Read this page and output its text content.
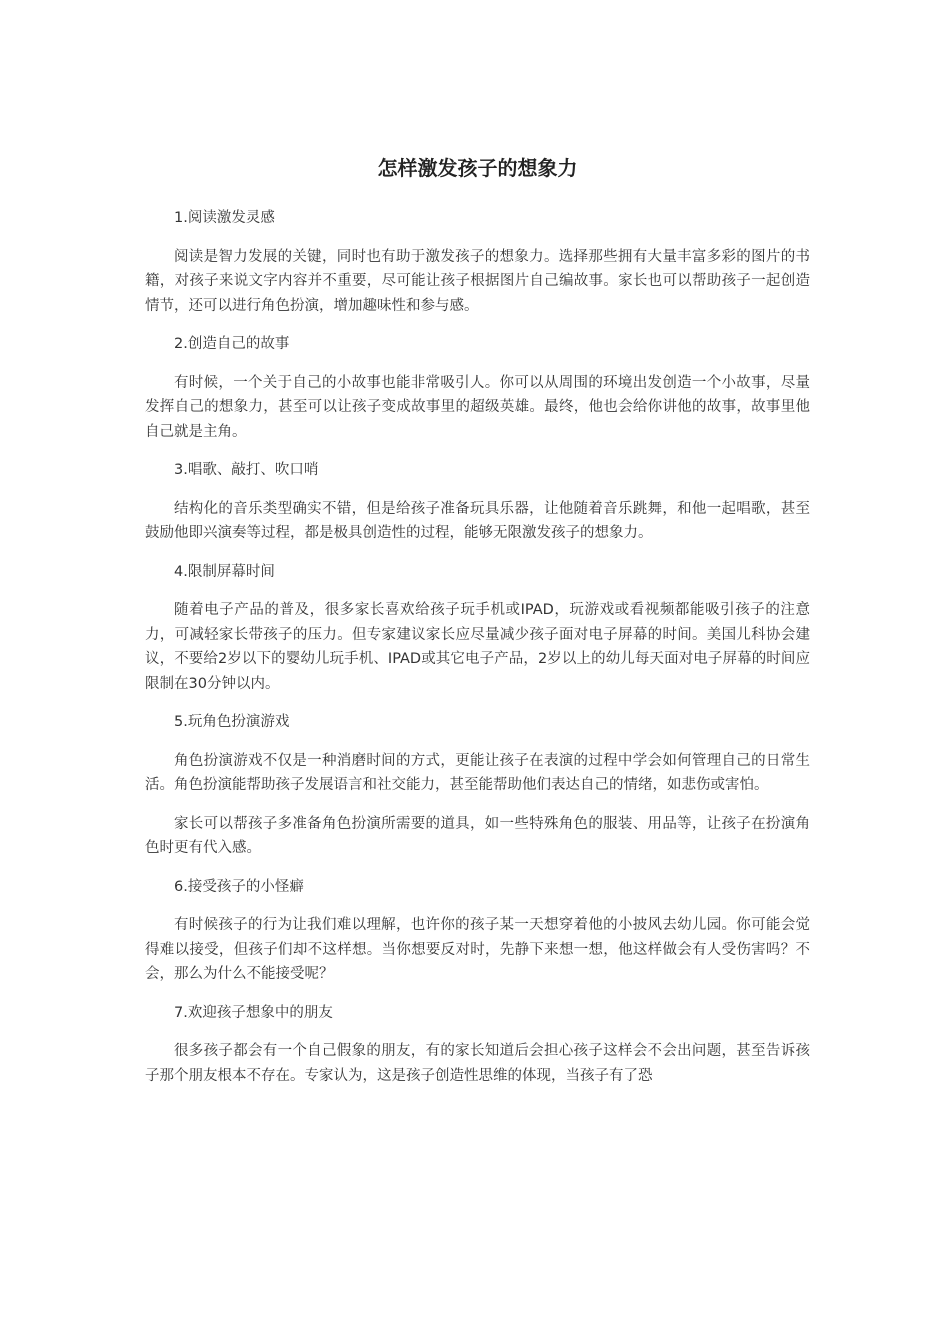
怎样激发孩子的想象力
1.阅读激发灵感
阅读是智力发展的关键，同时也有助于激发孩子的想象力。选择那些拥有大量丰富多彩的图片的书籍，对孩子来说文字内容并不重要，尽可能让孩子根据图片自己编故事。家长也可以帮助孩子一起创造情节，还可以进行角色扮演，增加趣味性和参与感。
2.创造自己的故事
有时候，一个关于自己的小故事也能非常吸引人。你可以从周围的环境出发创造一个小故事，尽量发挥自己的想象力，甚至可以让孩子变成故事里的超级英雄。最终，他也会给你讲他的故事，故事里他自己就是主角。
3.唱歌、敲打、吹口哨
结构化的音乐类型确实不错，但是给孩子准备玩具乐器，让他随着音乐跳舞，和他一起唱歌，甚至鼓励他即兴演奏等过程，都是极具创造性的过程，能够无限激发孩子的想象力。
4.限制屏幕时间
随着电子产品的普及，很多家长喜欢给孩子玩手机或IPAD，玩游戏或看视频都能吸引孩子的注意力，可减轻家长带孩子的压力。但专家建议家长应尽量减少孩子面对电子屏幕的时间。美国儿科协会建议，不要给2岁以下的婴幼儿玩手机、IPAD或其它电子产品，2岁以上的幼儿每天面对电子屏幕的时间应限制在30分钟以内。
5.玩角色扮演游戏
角色扮演游戏不仅是一种消磨时间的方式，更能让孩子在表演的过程中学会如何管理自己的日常生活。角色扮演能帮助孩子发展语言和社交能力，甚至能帮助他们表达自己的情绪，如悲伤或害怕。
家长可以帮孩子多准备角色扮演所需要的道具，如一些特殊角色的服装、用品等，让孩子在扮演角色时更有代入感。
6.接受孩子的小怪癖
有时候孩子的行为让我们难以理解，也许你的孩子某一天想穿着他的小披风去幼儿园。你可能会觉得难以接受，但孩子们却不这样想。当你想要反对时，先静下来想一想，他这样做会有人受伤害吗？不会，那么为什么不能接受呢？
7.欢迎孩子想象中的朋友
很多孩子都会有一个自己假象的朋友，有的家长知道后会担心孩子这样会不会出问题，甚至告诉孩子那个朋友根本不存在。专家认为，这是孩子创造性思维的体现，当孩子有了恐
